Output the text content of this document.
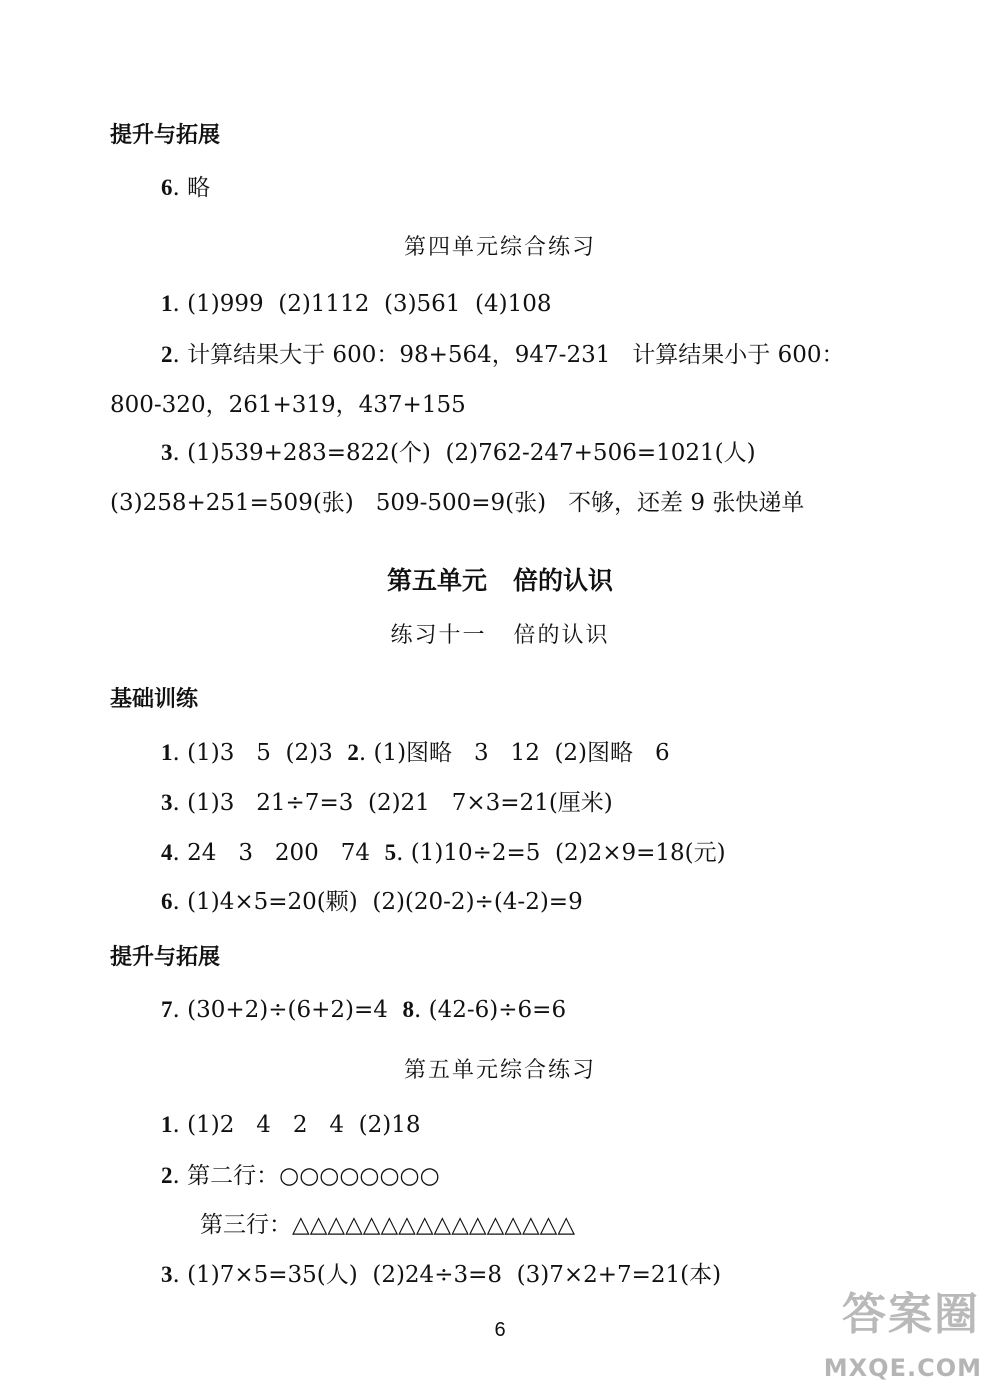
提升与拓展
6. 略
第四单元综合练习
1. (1)999  (2)1112  (3)561  (4)108
2. 计算结果大于 600：98+564，947-231   计算结果小于 600：
800-320，261+319，437+155
3. (1)539+283=822(个)  (2)762-247+506=1021(人)
(3)258+251=509(张)   509-500=9(张)   不够，还差 9 张快递单
第五单元   倍的认识
练习十一   倍的认识
基础训练
1. (1)3   5  (2)3  2. (1)图略   3   12  (2)图略   6
3. (1)3   21÷7=3  (2)21   7×3=21(厘米)
4. 24   3   200   74  5. (1)10÷2=5  (2)2×9=18(元)
6. (1)4×5=20(颗)  (2)(20-2)÷(4-2)=9
提升与拓展
7. (30+2)÷(6+2)=4  8. (42-6)÷6=6
第五单元综合练习
1. (1)2   4   2   4  (2)18
2. 第二行：○○○○○○○○
第三行：△△△△△△△△△△△△△△△△
3. (1)7×5=35(人)  (2)24÷3=8  (3)7×2+7=21(本)
6	答案圈
MXQE.COM
